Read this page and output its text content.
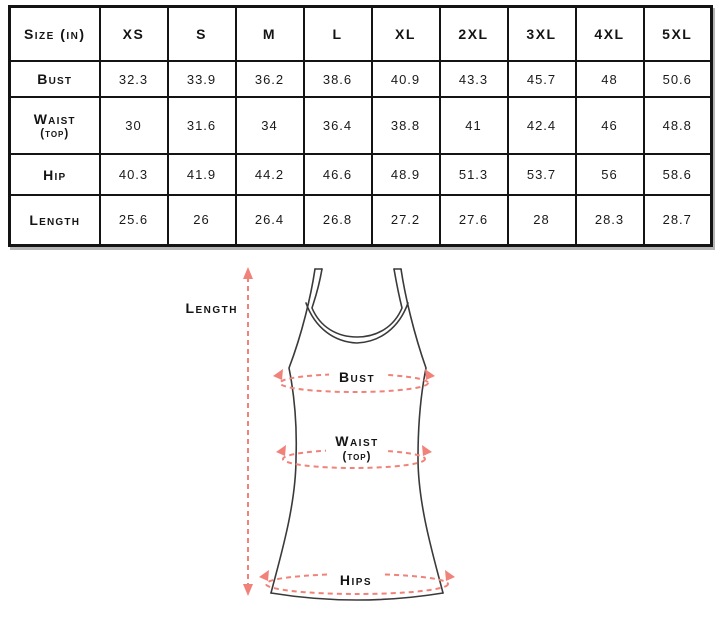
Size (in)	XS	S	M	L	XL	2XL	3XL	4XL	5XL
Bust	32.3	33.9	36.2	38.6	40.9	43.3	45.7	48	50.6
Waist
(top)	30	31.6	34	36.4	38.8	41	42.4	46	48.8
Hip	40.3	41.9	44.2	46.6	48.9	51.3	53.7	56	58.6
Length	25.6	26	26.4	26.8	27.2	27.6	28	28.3	28.7
Length
Bust
Waist
(top)
Hips
